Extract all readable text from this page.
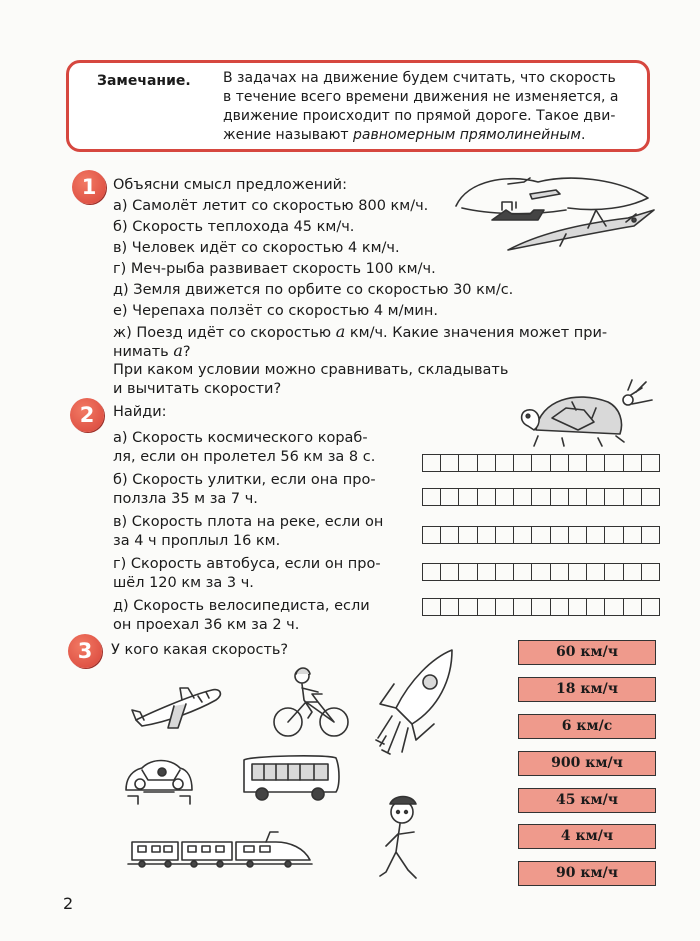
Замечание. В задачах на движение будем считать, что скорость
в течение всего времени движения не изменяется, а
движение происходит по прямой дороге. Такое дви-
жение называют равномерным прямолинейным.
1	Объясни смысл предложений:
а) Самолёт летит со скоростью 800 км/ч.
б) Скорость теплохода 45 км/ч.
в) Человек идёт со скоростью 4 км/ч.
г) Меч-рыба развивает скорость 100 км/ч.
д) Земля движется по орбите со скоростью 30 км/с.
е) Черепаха ползёт со скоростью 4 м/мин.
ж) Поезд идёт со скоростью a км/ч. Какие значения может при-
нимать a?
При каком условии можно сравнивать, складывать
и вычитать скорости?
2	Найди:
а) Скорость космического кораб-
ля, если он пролетел 56 км за 8 с.
б) Скорость улитки, если она про-
ползла 35 м за 7 ч.
в) Скорость плота на реке, если он
за 4 ч проплыл 16 км.
г) Скорость автобуса, если он про-
шёл 120 км за 3 ч.
д) Скорость велосипедиста, если
он проехал 36 км за 2 ч.
3	У кого какая скорость?	60 км/ч
18 км/ч
6 км/с
900 км/ч
45 км/ч
4 км/ч
90 км/ч
2
